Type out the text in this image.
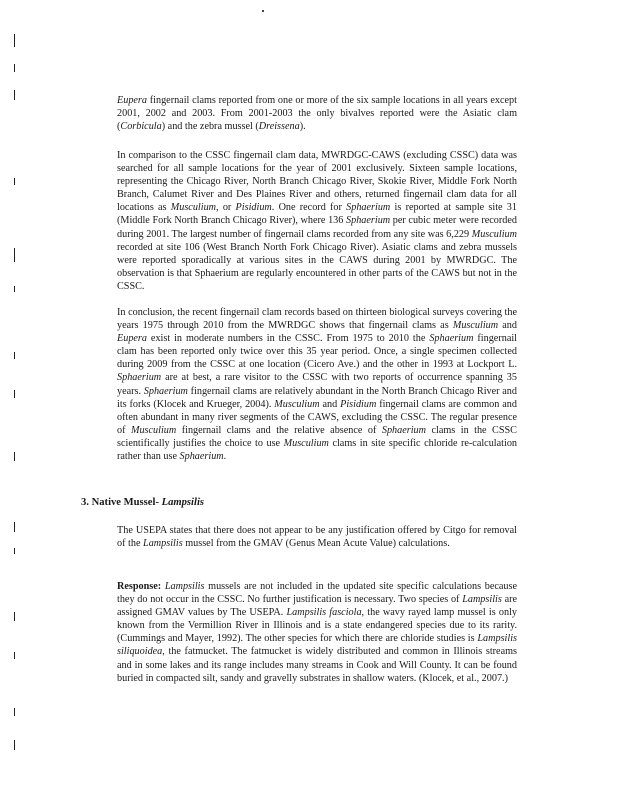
Eupera fingernail clams reported from one or more of the six sample locations in all years except 2001, 2002 and 2003. From 2001-2003 the only bivalves reported were the Asiatic clam (Corbicula) and the zebra mussel (Dreissena).

In comparison to the CSSC fingernail clam data, MWRDGC-CAWS (excluding CSSC) data was searched for all sample locations for the year of 2001 exclusively. Sixteen sample locations, representing the Chicago River, North Branch Chicago River, Skokie River, Middle Fork North Branch, Calumet River and Des Plaines River and others, returned fingernail clam data for all locations as Musculium, or Pisidium. One record for Sphaerium is reported at sample site 31 (Middle Fork North Branch Chicago River), where 136 Sphaerium per cubic meter were recorded during 2001. The largest number of fingernail clams recorded from any site was 6,229 Musculium recorded at site 106 (West Branch North Fork Chicago River). Asiatic clams and zebra mussels were reported sporadically at various sites in the CAWS during 2001 by MWRDGC. The observation is that Sphaerium are regularly encountered in other parts of the CAWS but not in the CSSC.

In conclusion, the recent fingernail clam records based on thirteen biological surveys covering the years 1975 through 2010 from the MWRDGC shows that fingernail clams as Musculium and Eupera exist in moderate numbers in the CSSC. From 1975 to 2010 the Sphaerium fingernail clam has been reported only twice over this 35 year period. Once, a single specimen collected during 2009 from the CSSC at one location (Cicero Ave.) and the other in 1993 at Lockport L. Sphaerium are at best, a rare visitor to the CSSC with two reports of occurrence spanning 35 years. Sphaerium fingernail clams are relatively abundant in the North Branch Chicago River and its forks (Klocek and Krueger, 2004). Musculium and Pisidium fingernail clams are common and often abundant in many river segments of the CAWS, excluding the CSSC. The regular presence of Musculium fingernail clams and the relative absence of Sphaerium clams in the CSSC scientifically justifies the choice to use Musculium clams in site specific chloride re-calculation rather than use Sphaerium.

3. Native Mussel- Lampsilis

The USEPA states that there does not appear to be any justification offered by Citgo for removal of the Lampsilis mussel from the GMAV (Genus Mean Acute Value) calculations.

Response: Lampsilis mussels are not included in the updated site specific calculations because they do not occur in the CSSC. No further justification is necessary. Two species of Lampsilis are assigned GMAV values by The USEPA. Lampsilis fasciola, the wavy rayed lamp mussel is only known from the Vermillion River in Illinois and is a state endangered species due to its rarity. (Cummings and Mayer, 1992). The other species for which there are chloride studies is Lampsilis siliquoidea, the fatmucket. The fatmucket is widely distributed and common in Illinois streams and in some lakes and its range includes many streams in Cook and Will County. It can be found buried in compacted silt, sandy and gravelly substrates in shallow waters. (Klocek, et al., 2007.)
